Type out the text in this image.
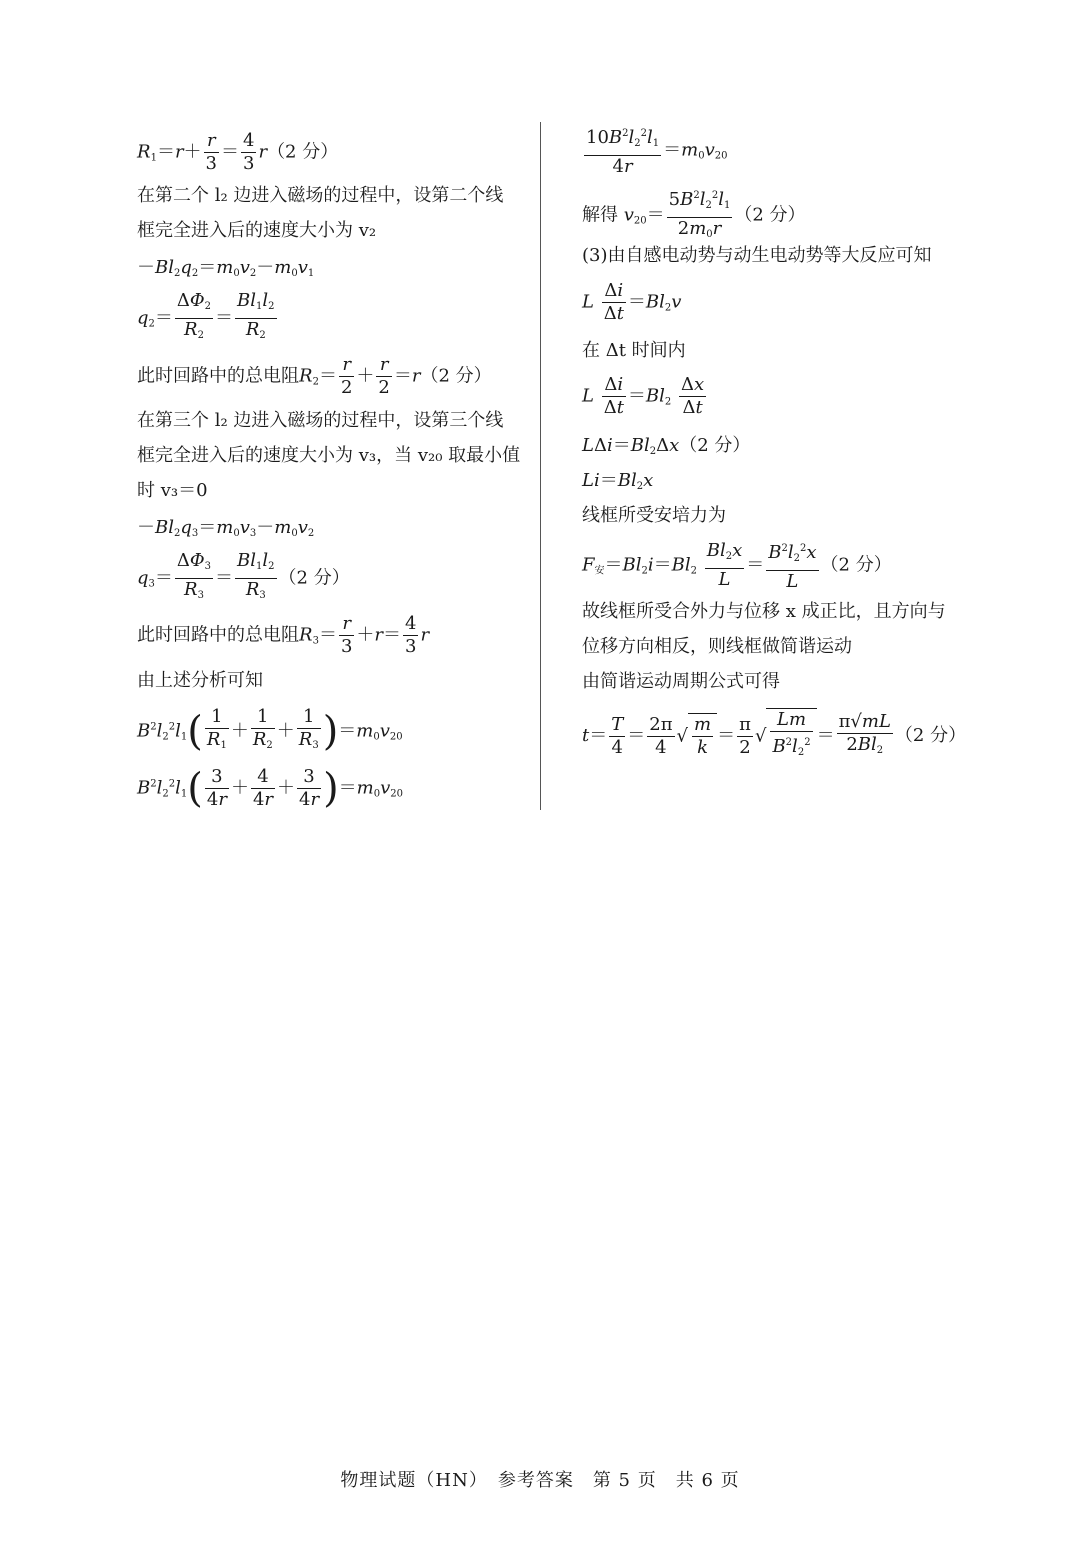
$R_1=r+ \frac{r}{3} = \frac{4}{3} r(2$ 分）
在第二个 l₂ 边进入磁场的过程中，设第二个线
框完全进入后的速度大小为 v₂
$-Bl_2q_2=m_0v_2-m_0v_1$
$q_2= \frac{\Delta\Phi_2}{R_2} = \frac{Bl_1l_2}{R_2}$
此时回路中的总电阻$R_2= \frac{r}{2} + \frac{r}{2} =r(2$ 分）
在第三个 l₂ 边进入磁场的过程中，设第三个线
框完全进入后的速度大小为 v₃，当 v₂₀ 取最小值
时 v₃＝0
$-Bl_2q_3=m_0v_3-m_0v_2$
$q_3= \frac{\Delta\Phi_3}{R_3} = \frac{Bl_1l_2}{R_3} (2$ 分）
此时回路中的总电阻$R_3= \frac{r}{3} +r= \frac{4}{3}$ r
由上述分析可知
$B^2l_2^2l_1( \frac{1}{R_1} + \frac{1}{R_2} + \frac{1}{R_3} )=m_0v_{20}$
$B^2l_2^2l_1( \frac{3}{4r} + \frac{4}{4r} + \frac{3}{4r} )=m_0v_{20}$
$\frac{10B^2l_2^2l_1}{4r} =m_0v_{20}$
解得 $v_{20}= \frac{5B^2l_2^2l_1}{2m_0r} (2$ 分）
(3)由自感电动势与动生电动势等大反应可知
L $\frac{\Delta i}{\Delta t} =Bl_2v$
在 Δt 时间内
L $\frac{\Delta i}{\Delta t} =Bl_2 \frac{\Delta x}{\Delta t}$
$L\Delta i=Bl_2\Delta x(2$ 分）
$Li=Bl_2x$
线框所受安培力为
$F_安=Bl_2i=Bl_2 \frac{Bl_2x}{L} = \frac{B^2l_2^2x}{L} (2$ 分）
故线框所受合外力与位移 x 成正比，且方向与
位移方向相反，则线框做简谐运动
由简谐运动周期公式可得
$t= \frac{T}{4} = \frac{2\pi}{4}$ √ $\frac{m}{k} = \frac{\pi}{2}$ √ $\frac{Lm}{B^2l_2^2} = \frac{\pi√mL}{2Bl_2} (2$ 分）
物理试题（HN）　参考答案　第 5 页　共 6 页
